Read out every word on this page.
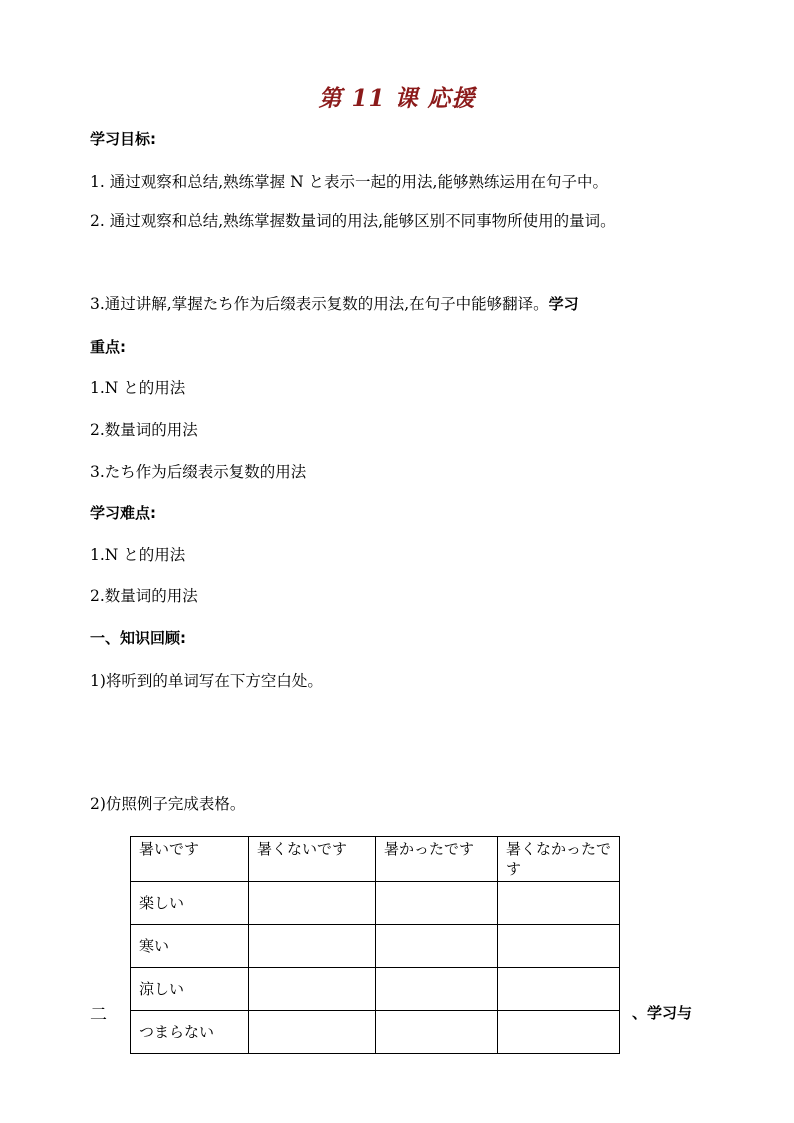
第 11 课 応援
学习目标:
1. 通过观察和总结,熟练掌握 N と表示一起的用法,能够熟练运用在句子中。
2. 通过观察和总结,熟练掌握数量词的用法,能够区别不同事物所使用的量词。
3.通过讲解,掌握たち作为后缀表示复数的用法,在句子中能够翻译。学习
重点:
1.N と的用法
2.数量词的用法
3.たち作为后缀表示复数的用法
学习难点:
1.N と的用法
2.数量词的用法
一、知识回顾:
1)将听到的单词写在下方空白处。
2)仿照例子完成表格。
暑いです	暑くないです	暑かったです	暑くなかったです
楽しい			
寒い			
涼しい			
つまらない			
二	、学习与
